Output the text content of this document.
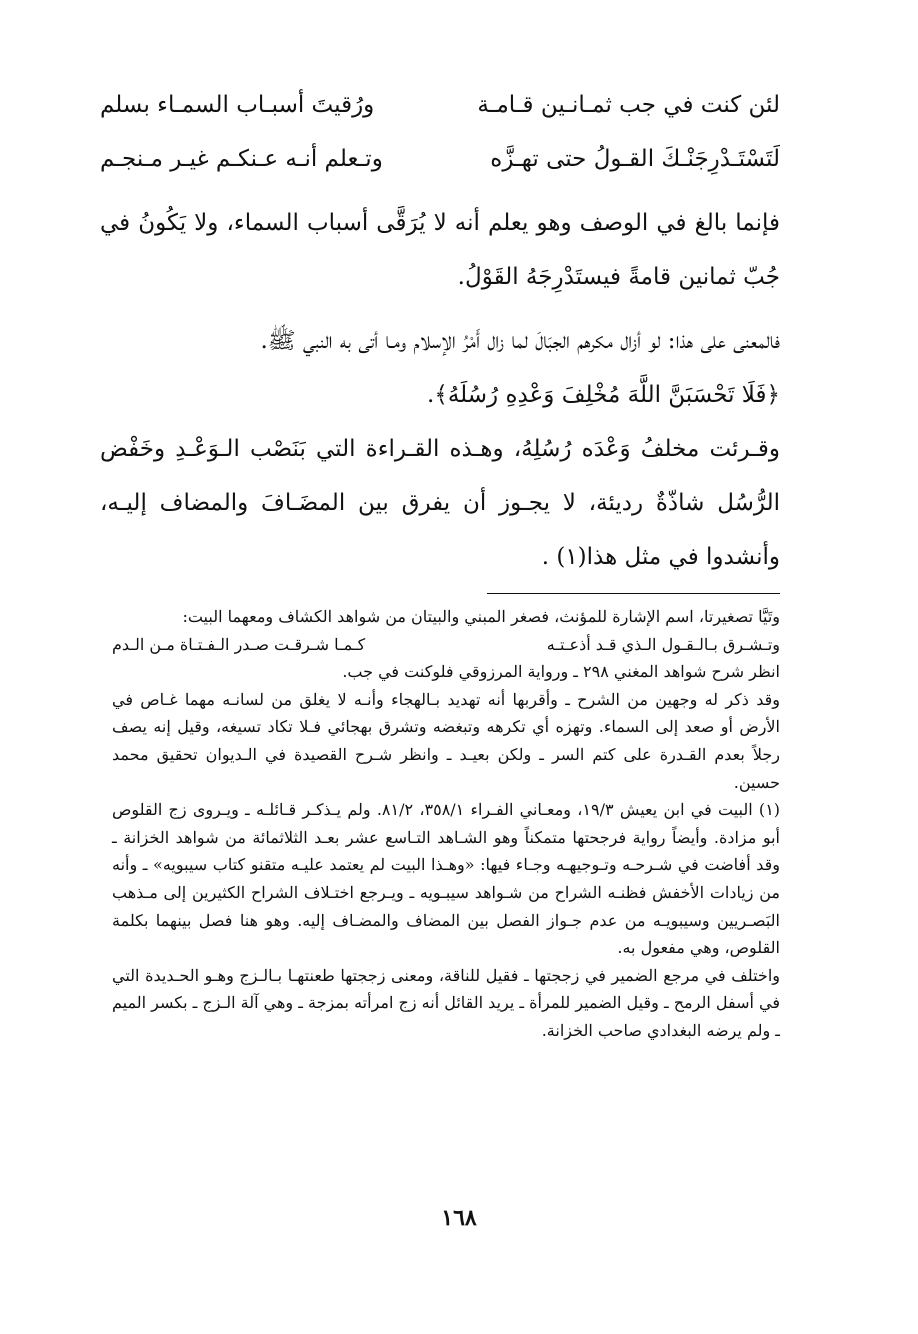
لئن كنت في جب ثمـانـين قـامـة
ورُقيتَ أسبـاب السمـاء بسلم
لَتَسْتَـدْرِجَنْـكَ القـولُ حتى تهـزَّه
وتـعلم أنـه عـنكـم غيـر مـنجـم

فإنما بالغ في الوصف وهو يعلم أنه لا يُرَقَّى أسباب السماء، ولا يَكُونُ في جُبّ ثمانين قامةً فيستَدْرِجَهُ القَوْلُ.

فالمعنى على هذا: لو أزال مكرهم الجبَالَ لما زال أَمْرُ الإسلام ومـا أتى به النبي ﷺ.

﴿فَلَا تَحْسَبَنَّ اللَّهَ مُخْلِفَ وَعْدِهِ رُسُلَهُ﴾.

وقـرئت مخلفُ وَعْدَه رُسُلِهُ، وهـذه القـراءة التي بَنَصْب الـوَعْـدِ وخَفْض الرُّسُل شاذّةٌ رديئة، لا يجـوز أن يفرق بين المضَـافَ والمضاف إليـه، وأنشدوا في مثل هذا(١) .

وتَيَّا تصغيرتا، اسم الإشارة للمؤنث، فصغر المبني والبيتان من شواهد الكشاف ومعهما البيت:

وتـشـرق بـالـقـول الـذي قـد أذعـتـه
كـمـا شـرقـت صـدر الـفـتـاة مـن الـدم

انظر شرح شواهد المغني ٢٩٨ ـ ورواية المرزوقي فلوكنت في جب.

وقد ذكر له وجهين من الشرح ـ وأقربها أنه تهديد بـالهجاء وأنـه لا يغلق من لسانـه مهما غـاص في الأرض أو صعد إلى السماء. وتهزه أي تكرهه وتبغضه وتشرق بهجائي فـلا تكاد تسيغه، وقيل إنه يصف رجلاً بعدم القـدرة على كتم السر ـ ولكن بعيـد ـ وانظر شـرح القصيدة في الـديوان تحقيق محمد حسين.

(١) البيت في ابن يعيش ١٩/٣، ومعـاني الفـراء ٣٥٨/١، ٨١/٢. ولم يـذكـر قـائلـه ـ ويـروى زج القلوص أبو مزادة. وأيضاً رواية فرجحتها متمكناً وهو الشـاهد التـاسع عشر بعـد الثلاثمائة من شواهد الخزانة ـ وقد أفاضت في شـرحـه وتـوجيهـه وجـاء فيها: «وهـذا البيت لم يعتمد عليـه متقنو كتاب سيبويه» ـ وأنه من زيادات الأخفش فظنـه الشراح من شـواهد سيبـويه ـ ويـرجع اختـلاف الشراح الكثيرين إلى مـذهب البَصـريين وسيبويـه من عدم جـواز الفصل بين المضاف والمضـاف إليه. وهو هنا فصل بينهما بكلمة القلوص، وهي مفعول به.

واختلف في مرجع الضمير في زججتها ـ فقيل للناقة، ومعنى زججتها طعنتهـا بـالـزج وهـو الحـديدة التي في أسفل الرمح ـ وقيل الضمير للمرأة ـ يريد القائل أنه زج امرأته بمزجة ـ وهي آلة الـزج ـ بكسر الميم ـ ولم يرضه البغدادي صاحب الخزانة.

١٦٨
